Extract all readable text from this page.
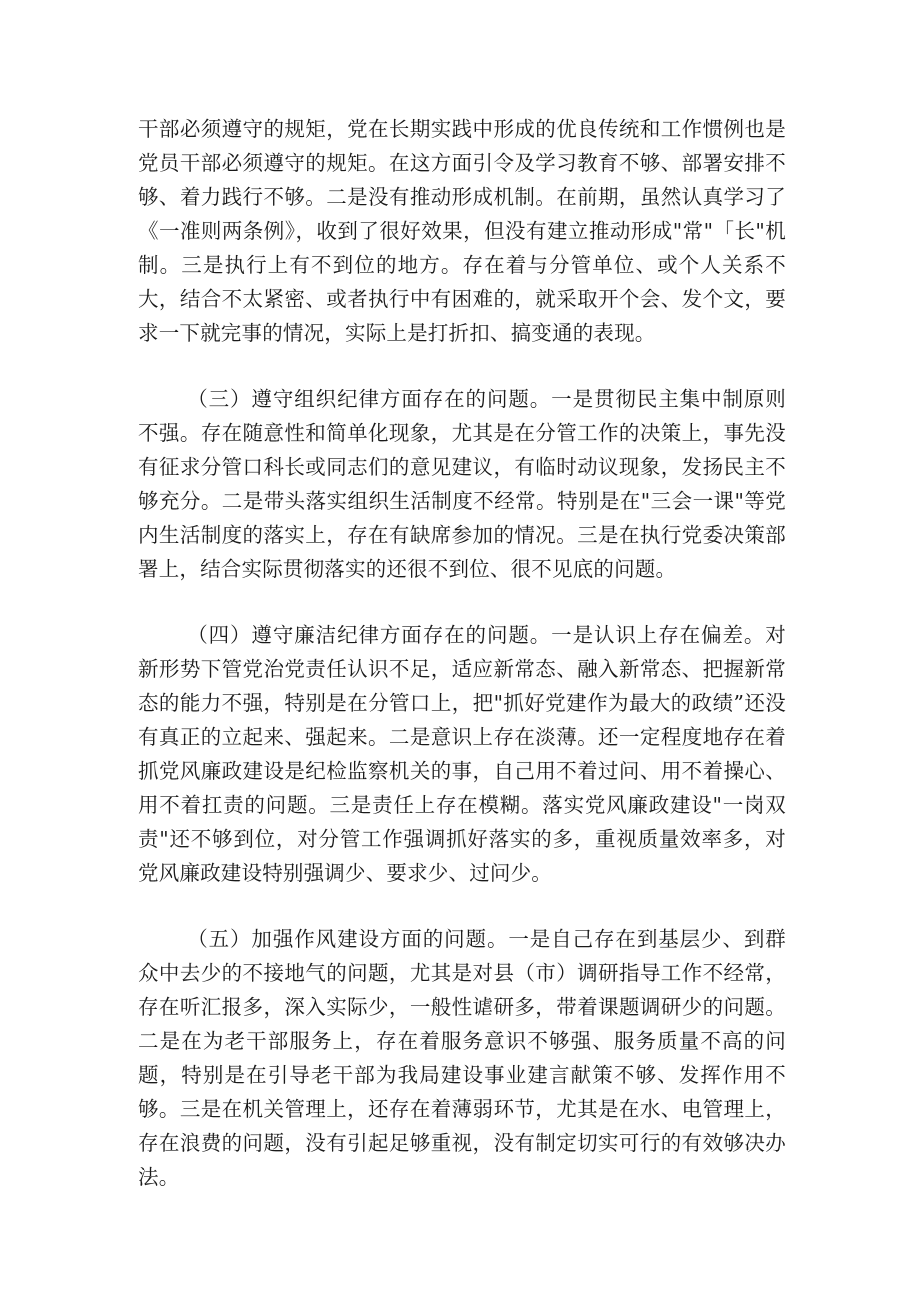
干部必须遵守的规矩，党在长期实践中形成的优良传统和工作惯例也是党员干部必须遵守的规矩。在这方面引令及学习教育不够、部署安排不够、着力践行不够。二是没有推动形成机制。在前期，虽然认真学习了《一准则两条例》，收到了很好效果，但没有建立推动形成"常"「长"机制。三是执行上有不到位的地方。存在着与分管单位、或个人关系不大，结合不太紧密、或者执行中有困难的，就采取开个会、发个文，要求一下就完事的情况，实际上是打折扣、搞变通的表现。

（三）遵守组织纪律方面存在的问题。一是贯彻民主集中制原则不强。存在随意性和简单化现象，尤其是在分管工作的决策上，事先没有征求分管口科长或同志们的意见建议，有临时动议现象，发扬民主不够充分。二是带头落实组织生活制度不经常。特别是在"三会一课"等党内生活制度的落实上，存在有缺席参加的情况。三是在执行党委决策部署上，结合实际贯彻落实的还很不到位、很不见底的问题。

（四）遵守廉洁纪律方面存在的问题。一是认识上存在偏差。对新形势下管党治党责任认识不足，适应新常态、融入新常态、把握新常态的能力不强，特别是在分管口上，把"抓好党建作为最大的政绩”还没有真正的立起来、强起来。二是意识上存在淡薄。还一定程度地存在着抓党风廉政建设是纪检监察机关的事，自己用不着过问、用不着操心、用不着扛责的问题。三是责任上存在模糊。落实党风廉政建设"一岗双责"还不够到位，对分管工作强调抓好落实的多，重视质量效率多，对党风廉政建设特别强调少、要求少、过问少。

（五）加强作风建设方面的问题。一是自己存在到基层少、到群众中去少的不接地气的问题，尤其是对县（市）调研指导工作不经常，存在听汇报多，深入实际少，一般性谑研多，带着课题调研少的问题。二是在为老干部服务上，存在着服务意识不够强、服务质量不高的问题，特别是在引导老干部为我局建设事业建言献策不够、发挥作用不够。三是在机关管理上，还存在着薄弱环节，尤其是在水、电管理上，存在浪费的问题，没有引起足够重视，没有制定切实可行的有效够决办法。
